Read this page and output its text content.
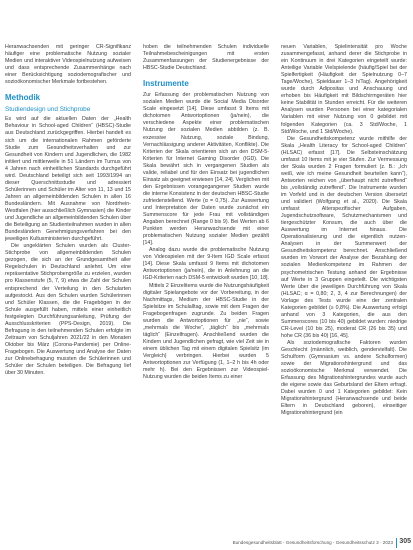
Heranwachsenden mit geringer CR-Signifikanz häufiger eine problematische Nutzung sozialer Medien und interaktiver Videospielnutzung aufweisen und dass entsprechende Zusammenhänge nach einer Berücksichtigung soziodemografischer und sozioökonomischer Merkmale fortbestehen.

Methodik
Studiendesign und Stichprobe

Es wird auf die aktuellen Daten der „Health Behaviour in School-aged Children“ (HBSC)-Studie aus Deutschland zurückgegriffen. Hierbei handelt es sich um die internationalen Rahmen geförderte Studie zum Gesundheitsverhalten und zur Gesundheit von Kindern und Jugendlichen, die 1982 initiiert und mittlerweile in 51 Ländern im Turnus von 4 Jahren nach einheitlichen Standards durchgeführt wird. Deutschland beteiligt sich seit 1993/1994 an dieser Querschnittsstudie und adressiert Schülerinnen und Schüler im Alter von 11, 13 und 15 Jahren an allgemeinbildenden Schulen in allen 16 Bundesländern. Mit Ausnahme von Nordrhein-Westfalen (hier ausschließlich Gymnasien) die Kinder und Jugendliche an allgemeinbildenden Schulen über die Beteiligung an Studienteilnahmen wurden in allen Bundesländern Genehmigungsverfahren bei den jeweiligen Kultusministerien durchgeführt.

Die ungeklärten Schulen wurden als Cluster-Stichprobe von allgemeinbildenden Schulen gezogen, die sich an der Grundgesamtheit aller Regelschulen in Deutschland anlehnt. Um eine repräsentative Stichprobengröße zu erzielen, wurden pro Klassenstufe (5, 7, 9) etwa die Zahl der Schulen entsprechend der Verteilung in den Schularten aufgestockt. Aus den Schulen wurden Schülerinnen und Schüler Klassen, die die Fragebögen in der Schule ausgefüllt haben, mittels einer einheitlich festgelegten Durchführungsanleitung, Prüfung der Ausschlusskriterien (PPS-Design, 2019). Die Befragung in den teilnehmenden Schulen erfolgte im Zeitraum von Schuljahren 2021/22 in den Monaten Oktober bis März (Corona-Pandemie) per Online-Fragebogen. Die Auswertung und Analyse der Daten zur Onlinebefragung mussten die Schülerinnen und Schüler der Schulen beteiligen. Die Befragung lief über 30 Minuten.

hoben die teilnehmenden Schulen individuelle Teilnahmebescheinigungen mit ersten Zusammenfassungen der Studienergebnisse der HBSC-Studie Deutschland.

Instrumente

Zur Erfassung der problematischen Nutzung von sozialen Medien wurde die Social Media Disorder Scale eingesetzt [14]. Diese umfasst 9 Items mit dichotomen Antwortoptionen (ja/nein), die verschiedene Aspekte einer problematischen Nutzung der sozialen Medien abbilden (z. B. exzessive Nutzung, soziale Bindung, Vernachlässigung anderer Aktivitäten, Konflikte). Die Kriterien der Skala orientieren sich an den DSM-5-Kriterien für Internet Gaming Disorder (IGD). Die Skala bewährt sich in vergangenen Studien als valide, reliabel und für den Einsatz bei jugendlichen Einsatz als geeignet erwiesen [14, 24]. Verglichen mit den Ergebnissen vorangegangener Studien wurde die interne Konsistenz in der deutschen HBSC-Studie zufriedenstellend. Werte (α = 0,75). Zur Auswertung und Interpretation der Daten wurde zunächst ein Summenscore für jede Frau mit vollständigen Angaben berechnet (Range 0 bis 9). Bei Werten ab 6 Punkten werden Heranwachsende mit einer problematischen Nutzung sozialer Medien gezählt [14].

Analog dazu wurde die problematische Nutzung von Videospielen mit der 9-Item IGD Scale erfasst [14]. Diese Skala umfasst 9 Items mit dichotomen Antwortoptionen (ja/nein), die in Anlehnung an die IGD-Kriterien nach DSM-5 entwickelt wurden [10, 18].

Mittels 2 Einzelitems wurde die Nutzungshäufigkeit digitaler Spielangebote vor der Vorbereitung, in der Nachmittags, Medium der HBSC-Studie in der Spielsitze im Schulalltag, sowie mit dem Fragen der Fragebogenfragen zugrunde. Zu beiden Fragen wurden die Antwortoptionen für „nie“, sowie „mehrmals die Woche“, „täglich“ bis „mehrmals täglich“ (Einzelfragen). Anschließend wurden die Kindern und Jugendlichen gefragt, wie viel Zeit sie in einem üblichen Tag mit einem digitalen Spielsitz (im Vergleich) verbringen. Hierbei wurden 5 Antwortoptionen zur Verfügung (1, 1–2 h bis 4h oder mehr h). Bei den Ergebnissen zur Videospiel-Nutzung wurden die beiden Items zu einer

neuen Variablen, Spielintensität pro Woche zusammengefasst, anhand derer die Stichprobe in ein Kontinuum in drei Kategorien eingeteilt wurde: Anteilige Variable Vielspielende (häufig/Spiel bei der Spielfertigkeit (Häufigkeit der Spielnutzung 0–7 Tage/Woche), Spieldauer 1–3 h/Tag). Angehörigkeit wurde durch Adipositas und Anschauung und erhoben bis Häufigkeit mit Bildschirmgeräten hier keine Stabilität in Stunden erreicht. Für die weiteren Analysen wurden Personen bei einer kategorialen Variablen mit einer Nutzung von 0 gebildet mit folgenden Kategorien (ca. 3 Std/Woche, 1 Std/Woche, und 1 Std/Woche).

Die Gesundheitskompetenz wurde mithilfe der Skala „Health Literacy for School-aged Children“ (HLSAC) erfasst [17]. Die Selbsteinschätzung umfasst 10 Items mit je vier Stufen. Zur Vermessung der Skala wurden 2 Fragen formuliert (z. B.: „Ich weiß, wie ich meine Gesundheit beurteilen kann“), Antworten reichen von „überhaupt nicht zutreffend“ bis „vollständig zutreffend“. Die Instrumente wurden im Vorfeld und in der deutschen Version übersetzt und validiert (Wolfgang et al., 2020). Die Skala umfasst Alterspezifischer Aufgaben, Jugendschutzsoftware, Schutzmechanismen und tiergeschützter Konsum, die auch über die Auswertung im Internet hinaus. Die Operationalisierung und die eigentlich nutzen-Analysen in der Summenwert der Gesundheitskompetenz berechnet. Anschließend wurden im Vorwort der Analyse der Bezahlung der sozialen Medienkompetenz im Rahmen der psychometrischen Testung anhand der Ergebnisse auf Werte in 3 Gruppen eingeteilt. Die wichtigsten Werte über die jeweiligen Durchführung von Skala (HLSAC; α = 0,80; 2, 3, 4 zur Berechnungen) der Vorlage des Tests wurde eine der zentralen Kategorien gebildet (≥ 0,8%). Die Auswertung erfolgt anhand von 3 Kategorien, die aus den Summenscores (10 bis 40) gebildet wurden: niedrige CR-Level (10 bis 25), moderat CR (26 bis 35) und hohe CR (36 bis 40) [16, 45].

Als soziodemografische Faktoren wurden Geschlecht (männlich, weiblich, gendervielfalt). Die Schulform (Gymnasium vs. andere Schulformen) sowie der Migrationshintergrund und das sozioökonomische Merkmal verwendet. Die Erfassung des Migrationshintergrundes wurde auch die eigene sowie das Geburtsland der Eltern erfragt. Dabei wurden 0 und 1 Kategorien gebildet: Kein Migrationshintergrund (Heranwachsende und beide Eltern in Deutschland geboren), einseitiger Migrationshintergrund (ein

Bundesgesundheitsblatt - Gesundheitsforschung - Gesundheitsschutz 3 · 2023 305
